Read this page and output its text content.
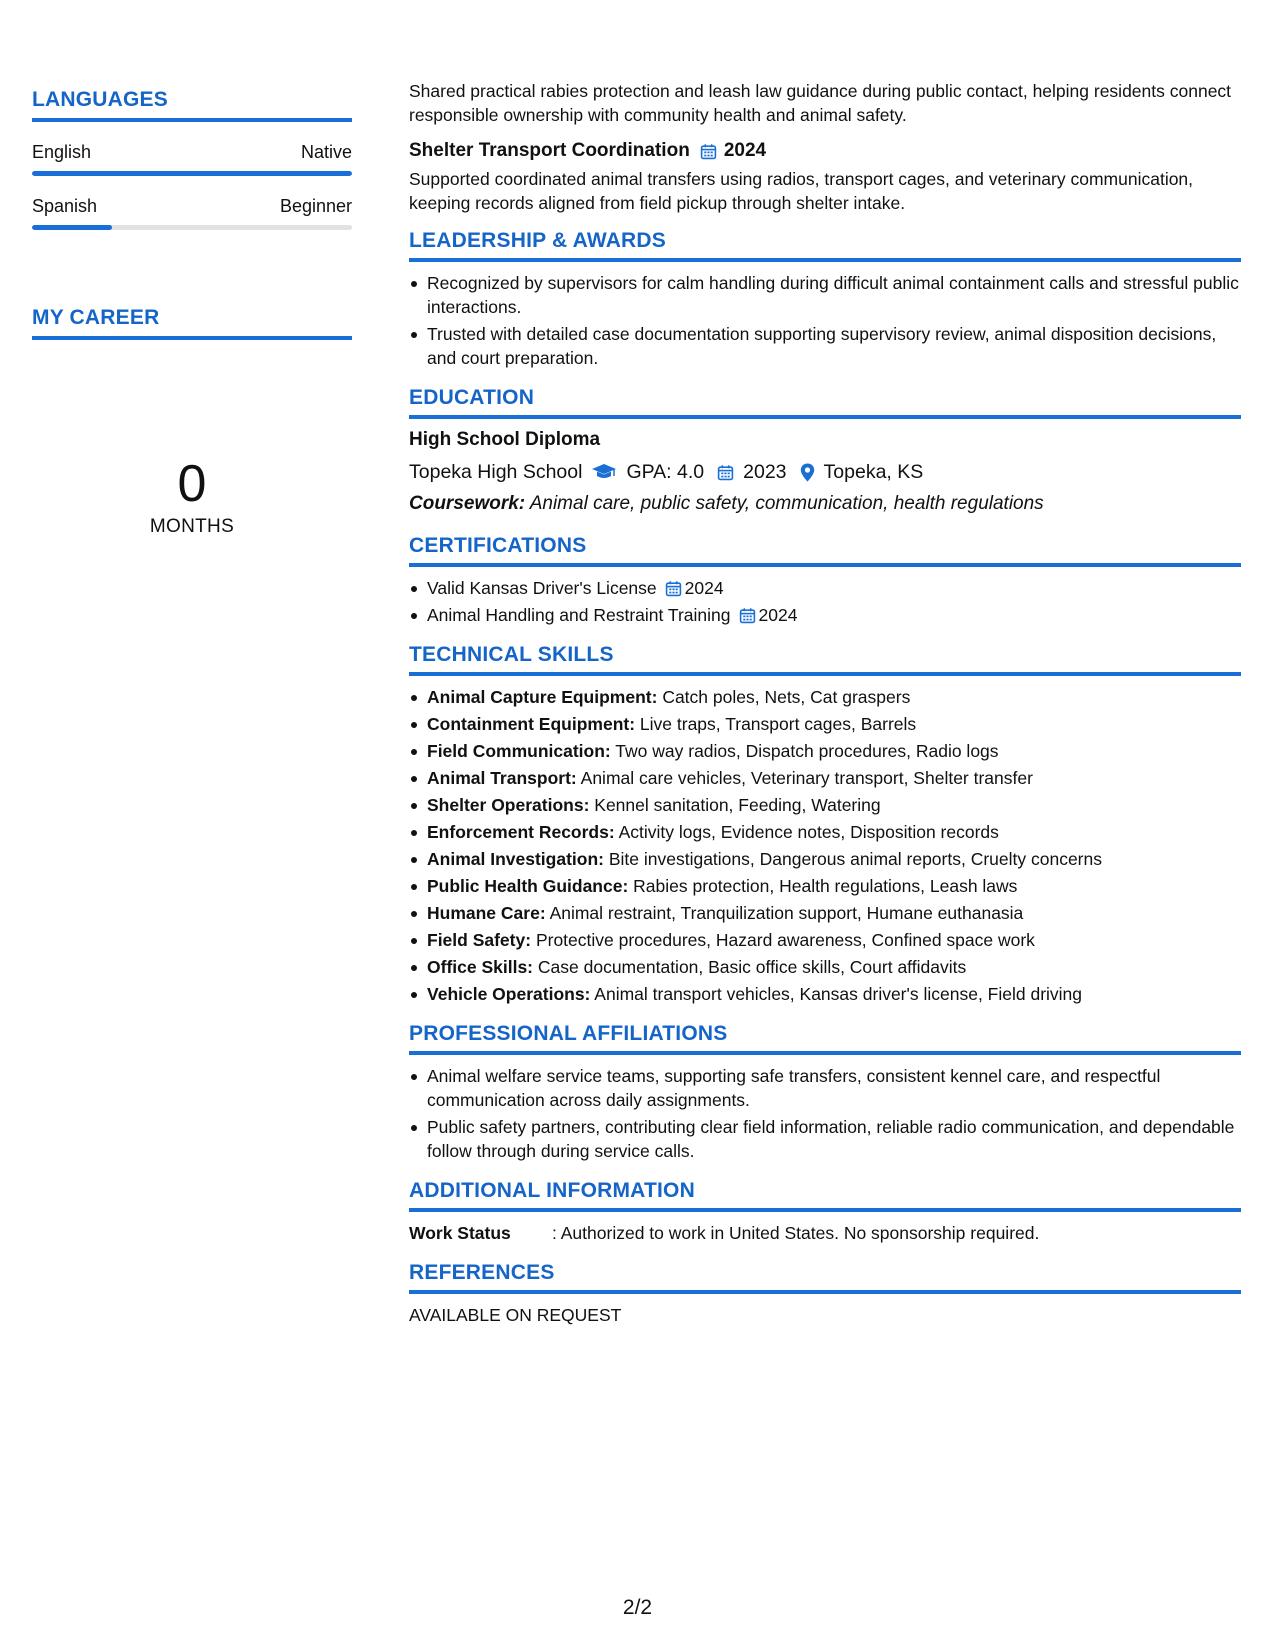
LANGUAGES
English	Native
Spanish	Beginner
MY CAREER
0
MONTHS

Shared practical rabies protection and leash law guidance during public contact, helping residents connect responsible ownership with community health and animal safety.

Shelter Transport Coordination 2024

Supported coordinated animal transfers using radios, transport cages, and veterinary communication, keeping records aligned from field pickup through shelter intake.

LEADERSHIP & AWARDS
Recognized by supervisors for calm handling during difficult animal containment calls and stressful public interactions.
Trusted with detailed case documentation supporting supervisory review, animal disposition decisions, and court preparation.
EDUCATION
High School Diploma
Topeka High School GPA: 4.0 2023 Topeka, KS
Coursework: Animal care, public safety, communication, health regulations
CERTIFICATIONS
Valid Kansas Driver's License 2024
Animal Handling and Restraint Training 2024
TECHNICAL SKILLS
Animal Capture Equipment: Catch poles, Nets, Cat graspers
Containment Equipment: Live traps, Transport cages, Barrels
Field Communication: Two way radios, Dispatch procedures, Radio logs
Animal Transport: Animal care vehicles, Veterinary transport, Shelter transfer
Shelter Operations: Kennel sanitation, Feeding, Watering
Enforcement Records: Activity logs, Evidence notes, Disposition records
Animal Investigation: Bite investigations, Dangerous animal reports, Cruelty concerns
Public Health Guidance: Rabies protection, Health regulations, Leash laws
Humane Care: Animal restraint, Tranquilization support, Humane euthanasia
Field Safety: Protective procedures, Hazard awareness, Confined space work
Office Skills: Case documentation, Basic office skills, Court affidavits
Vehicle Operations: Animal transport vehicles, Kansas driver's license, Field driving
PROFESSIONAL AFFILIATIONS
Animal welfare service teams, supporting safe transfers, consistent kennel care, and respectful communication across daily assignments.
Public safety partners, contributing clear field information, reliable radio communication, and dependable follow through during service calls.
ADDITIONAL INFORMATION
Work Status	: Authorized to work in United States. No sponsorship required.
REFERENCES

AVAILABLE ON REQUEST

2/2
